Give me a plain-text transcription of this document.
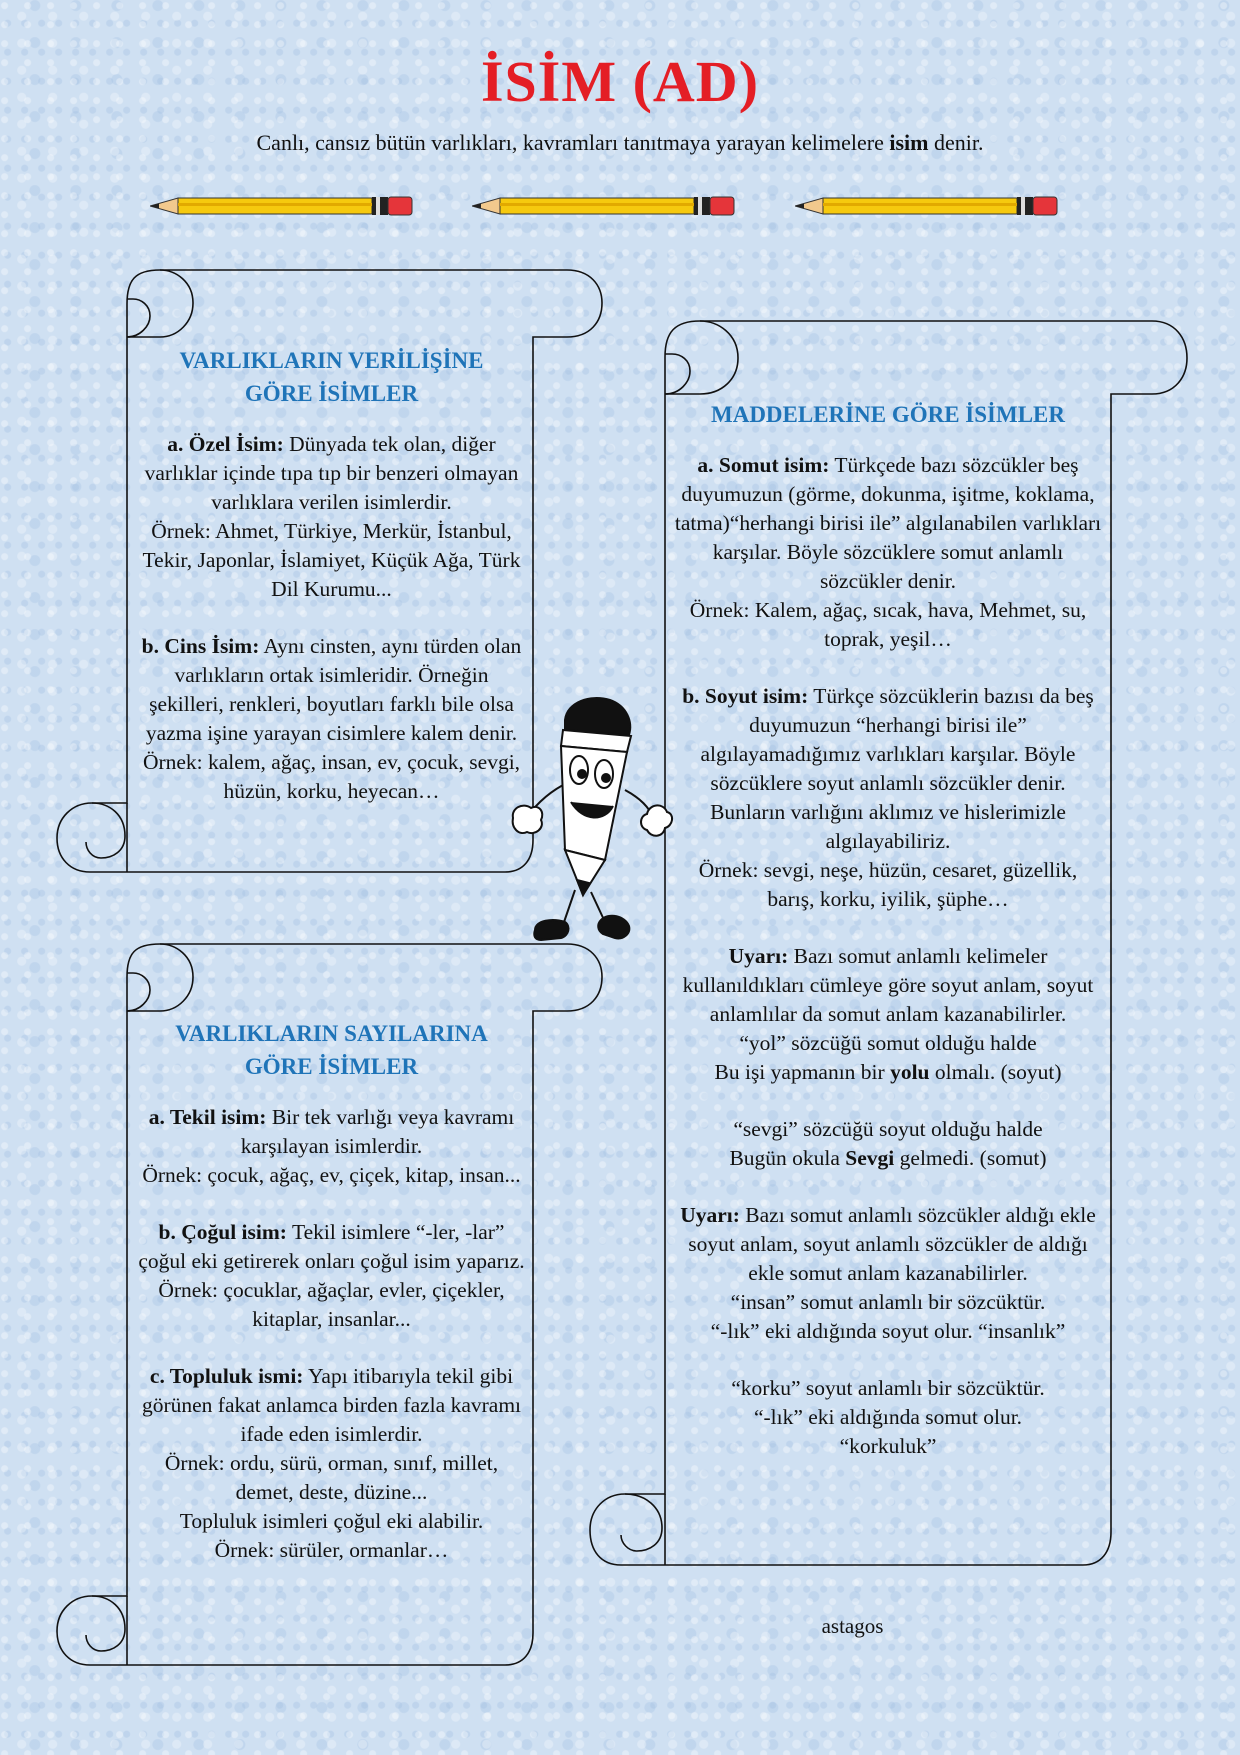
İSİM (AD)
Canlı, cansız bütün varlıkları, kavramları tanıtmaya yarayan kelimelere isim denir.
VARLIKLARIN VERİLİŞİNE
GÖRE İSİMLER

a. Özel İsim: Dünyada tek olan, diğer varlıklar içinde tıpa tıp bir benzeri olmayan varlıklara verilen isimlerdir.
Örnek: Ahmet, Türkiye, Merkür, İstanbul, Tekir, Japonlar, İslamiyet, Küçük Ağa, Türk Dil Kurumu...

b. Cins İsim: Aynı cinsten, aynı türden olan varlıkların ortak isimleridir. Örneğin şekilleri, renkleri, boyutları farklı bile olsa yazma işine yarayan cisimlere kalem denir.
Örnek: kalem, ağaç, insan, ev, çocuk, sevgi, hüzün, korku, heyecan…

VARLIKLARIN SAYILARINA
GÖRE İSİMLER

a. Tekil isim: Bir tek varlığı veya kavramı karşılayan isimlerdir.
Örnek: çocuk, ağaç, ev, çiçek, kitap, insan...

b. Çoğul isim: Tekil isimlere “-ler, -lar” çoğul eki getirerek onları çoğul isim yaparız.
Örnek: çocuklar, ağaçlar, evler, çiçekler, kitaplar, insanlar...

c. Topluluk ismi: Yapı itibarıyla tekil gibi görünen fakat anlamca birden fazla kavramı ifade eden isimlerdir.
Örnek: ordu, sürü, orman, sınıf, millet, demet, deste, düzine...
Topluluk isimleri çoğul eki alabilir.
Örnek: sürüler, ormanlar…

MADDELERİNE GÖRE İSİMLER

a. Somut isim: Türkçede bazı sözcükler beş duyumuzun (görme, dokunma, işitme, koklama, tatma)“herhangi birisi ile” algılanabilen varlıkları karşılar. Böyle sözcüklere somut anlamlı sözcükler denir.
Örnek: Kalem, ağaç, sıcak, hava, Mehmet, su, toprak, yeşil…

b. Soyut isim: Türkçe sözcüklerin bazısı da beş duyumuzun “herhangi birisi ile” algılayamadığımız varlıkları karşılar. Böyle sözcüklere soyut anlamlı sözcükler denir. Bunların varlığını aklımız ve hislerimizle algılayabiliriz.
Örnek: sevgi, neşe, hüzün, cesaret, güzellik, barış, korku, iyilik, şüphe…

Uyarı: Bazı somut anlamlı kelimeler kullanıldıkları cümleye göre soyut anlam, soyut anlamlılar da somut anlam kazanabilirler.
“yol” sözcüğü somut olduğu halde
Bu işi yapmanın bir yolu olmalı. (soyut)

“sevgi” sözcüğü soyut olduğu halde
Bugün okula Sevgi gelmedi. (somut)

Uyarı: Bazı somut anlamlı sözcükler aldığı ekle soyut anlam, soyut anlamlı sözcükler de aldığı ekle somut anlam kazanabilirler.
“insan” somut anlamlı bir sözcüktür.
“-lık” eki aldığında soyut olur. “insanlık”

“korku” soyut anlamlı bir sözcüktür.
“-lık” eki aldığında somut olur.
“korkuluk”

astagos
